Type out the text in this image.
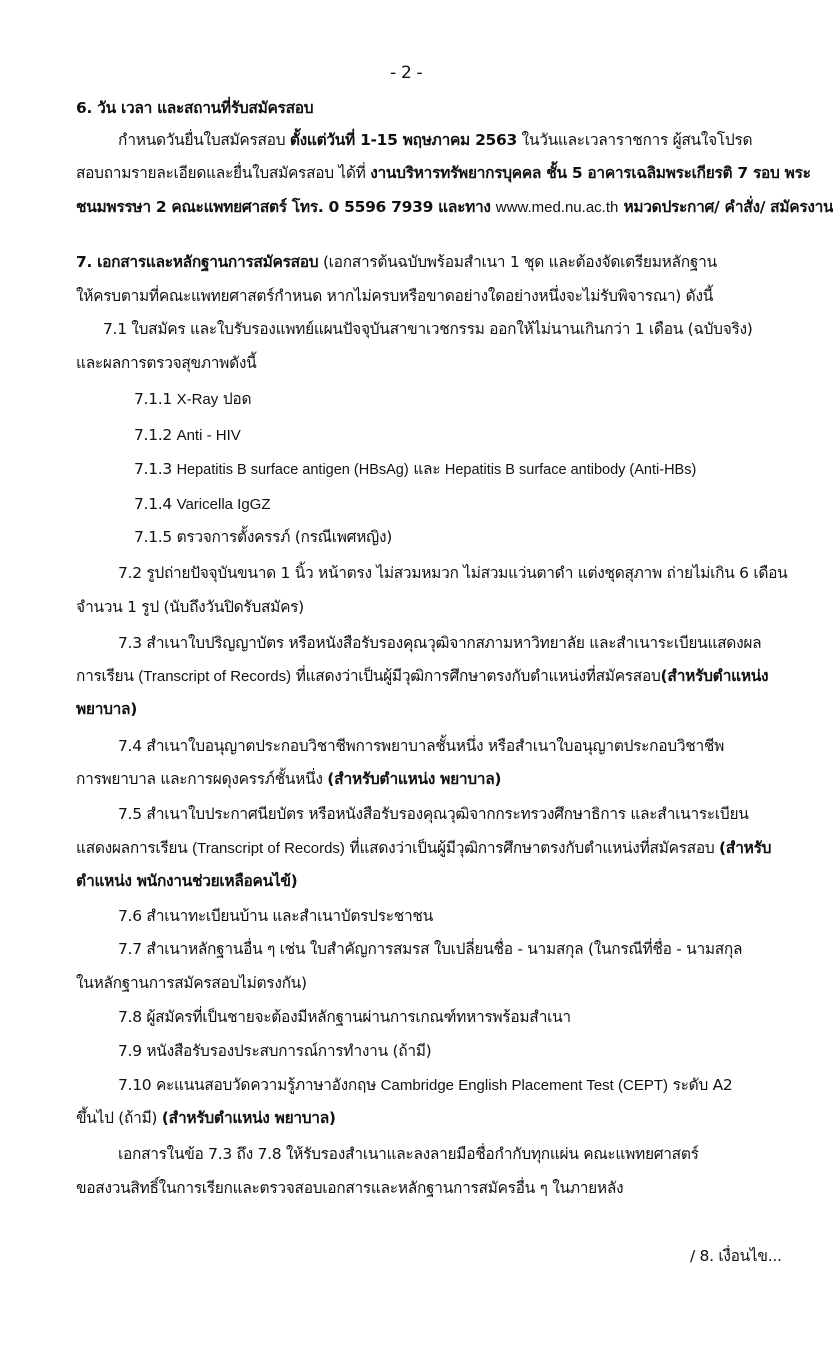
- 2 -
6. วัน เวลา และสถานที่รับสมัครสอบ
กำหนดวันยื่นใบสมัครสอบ ตั้งแต่วันที่ 1-15 พฤษภาคม 2563 ในวันและเวลาราชการ ผู้สนใจโปรด
สอบถามรายละเอียดและยื่นใบสมัครสอบ ได้ที่ งานบริหารทรัพยากรบุคคล ชั้น 5 อาคารเฉลิมพระเกียรติ 7 รอบ พระ
ชนมพรรษา 2 คณะแพทยศาสตร์ โทร. 0 5596 7939 และทาง www.med.nu.ac.th หมวดประกาศ/ คำสั่ง/ สมัครงาน
7. เอกสารและหลักฐานการสมัครสอบ (เอกสารต้นฉบับพร้อมสำเนา 1 ชุด และต้องจัดเตรียมหลักฐาน
ให้ครบตามที่คณะแพทยศาสตร์กำหนด หากไม่ครบหรือขาดอย่างใดอย่างหนึ่งจะไม่รับพิจารณา) ดังนี้
7.1 ใบสมัคร และใบรับรองแพทย์แผนปัจจุบันสาขาเวชกรรม ออกให้ไม่นานเกินกว่า 1 เดือน (ฉบับจริง)
และผลการตรวจสุขภาพดังนี้
7.1.1 X-Ray ปอด
7.1.2 Anti - HIV
7.1.3 Hepatitis B surface antigen (HBsAg) และ Hepatitis B surface antibody (Anti-HBs)
7.1.4 Varicella IgGZ
7.1.5 ตรวจการตั้งครรภ์ (กรณีเพศหญิง)
7.2 รูปถ่ายปัจจุบันขนาด 1 นิ้ว หน้าตรง ไม่สวมหมวก ไม่สวมแว่นตาดำ แต่งชุดสุภาพ ถ่ายไม่เกิน 6 เดือน
จำนวน 1 รูป (นับถึงวันปิดรับสมัคร)
7.3 สำเนาใบปริญญาบัตร หรือหนังสือรับรองคุณวุฒิจากสภามหาวิทยาลัย และสำเนาระเบียนแสดงผล
การเรียน (Transcript of Records) ที่แสดงว่าเป็นผู้มีวุฒิการศึกษาตรงกับตำแหน่งที่สมัครสอบ(สำหรับตำแหน่ง
พยาบาล)
7.4 สำเนาใบอนุญาตประกอบวิชาชีพการพยาบาลชั้นหนึ่ง หรือสำเนาใบอนุญาตประกอบวิชาชีพ
การพยาบาล และการผดุงครรภ์ชั้นหนึ่ง (สำหรับตำแหน่ง พยาบาล)
7.5 สำเนาใบประกาศนียบัตร หรือหนังสือรับรองคุณวุฒิจากกระทรวงศึกษาธิการ และสำเนาระเบียน
แสดงผลการเรียน (Transcript of Records) ที่แสดงว่าเป็นผู้มีวุฒิการศึกษาตรงกับตำแหน่งที่สมัครสอบ (สำหรับ
ตำแหน่ง พนักงานช่วยเหลือคนไข้)
7.6 สำเนาทะเบียนบ้าน และสำเนาบัตรประชาชน
7.7 สำเนาหลักฐานอื่น ๆ เช่น ใบสำคัญการสมรส ใบเปลี่ยนชื่อ - นามสกุล (ในกรณีที่ชื่อ - นามสกุล
ในหลักฐานการสมัครสอบไม่ตรงกัน)
7.8 ผู้สมัครที่เป็นชายจะต้องมีหลักฐานผ่านการเกณฑ์ทหารพร้อมสำเนา
7.9 หนังสือรับรองประสบการณ์การทำงาน (ถ้ามี)
7.10 คะแนนสอบวัดความรู้ภาษาอังกฤษ Cambridge English Placement Test (CEPT) ระดับ A2
ขึ้นไป (ถ้ามี) (สำหรับตำแหน่ง พยาบาล)
เอกสารในข้อ 7.3 ถึง 7.8 ให้รับรองสำเนาและลงลายมือชื่อกำกับทุกแผ่น คณะแพทยศาสตร์
ขอสงวนสิทธิ์ในการเรียกและตรวจสอบเอกสารและหลักฐานการสมัครอื่น ๆ ในภายหลัง
/ 8. เงื่อนไข...
